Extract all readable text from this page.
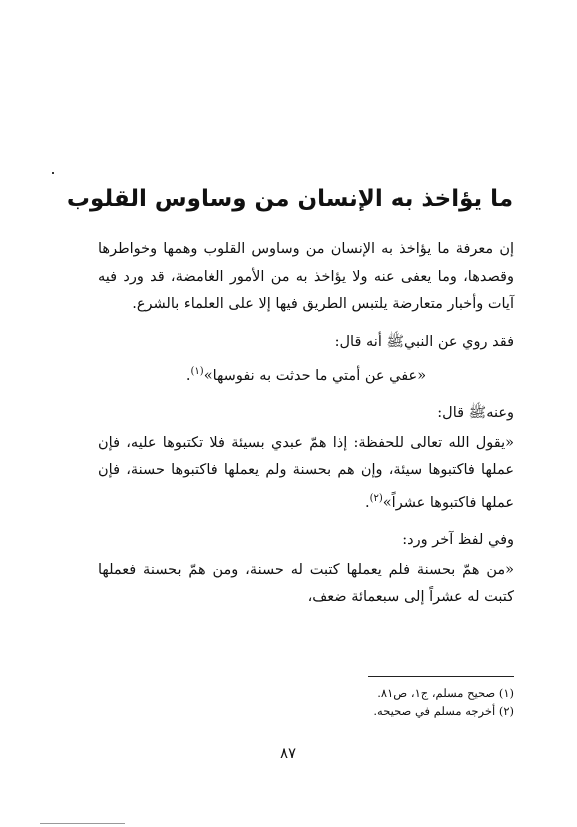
ما يؤاخذ به الإنسان من وساوس القلوب

إن معرفة ما يؤاخذ به الإنسان من وساوس القلوب وهمها وخواطرها وقصدها، وما يعفى عنه ولا يؤاخذ به من الأمور الغامضة، قد ورد فيه آيات وأخبار متعارضة يلتبس الطريق فيها إلا على العلماء بالشرع.

فقد روي عن النبيﷺ أنه قال:

«عفي عن أمتي ما حدثت به نفوسها»$^{(١)}$.

وعنهﷺ قال:

«يقول الله تعالى للحفظة: إذا همّ عبدي بسيئة فلا تكتبوها عليه، فإن عملها فاكتبوها سيئة، وإن هم بحسنة ولم يعملها فاكتبوها حسنة، فإن عملها فاكتبوها عشراً»$^{(٢)}$.

وفي لفظ آخر ورد:

«من همّ بحسنة فلم يعملها كتبت له حسنة، ومن همّ بحسنة فعملها كتبت له عشراً إلى سبعمائة ضعف،

(١) صحيح مسلم، ج١، ص٨١.

(٢) أخرجه مسلم في صحيحه.

٨٧
